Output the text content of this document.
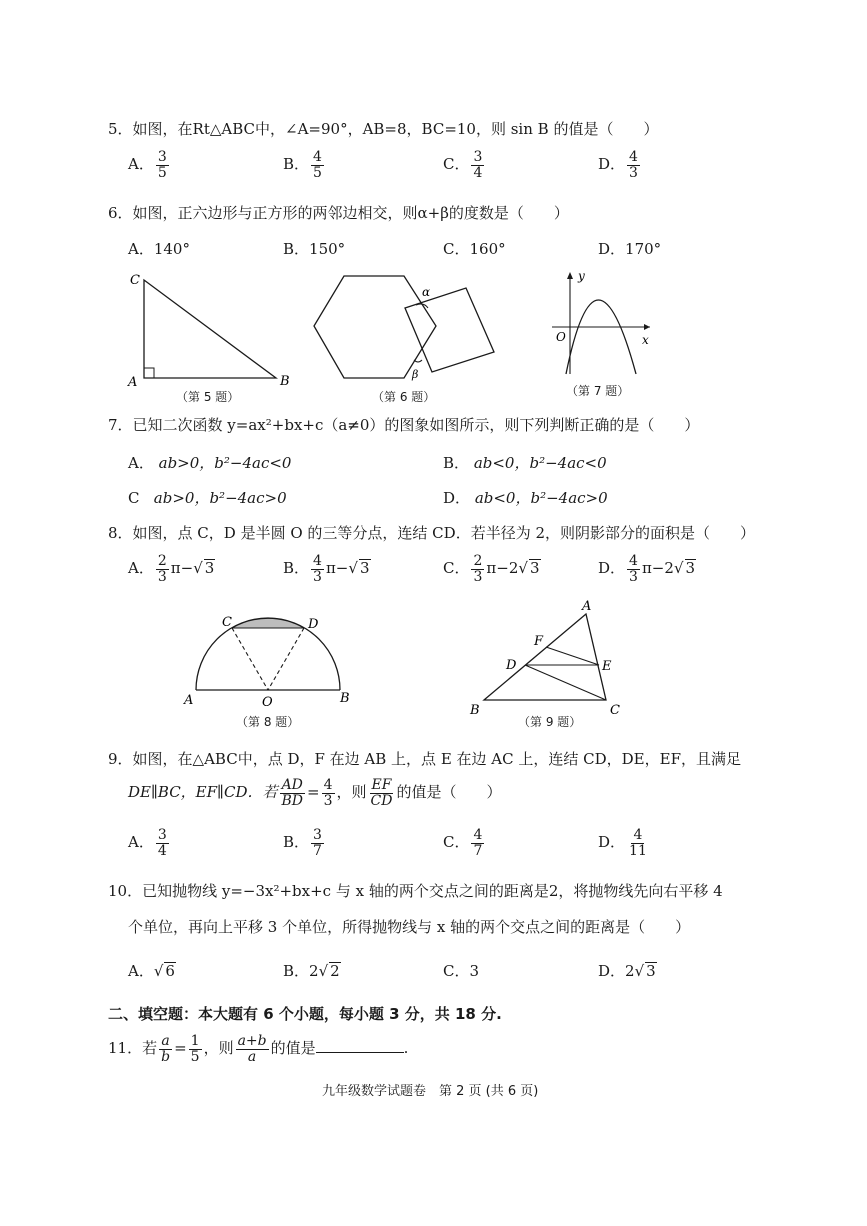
5．如图，在Rt△ABC中，∠A=90°，AB=8，BC=10，则 sin B 的值是（　　）
A． $\frac{3}{5}$	B． $\frac{4}{5}$	C． $\frac{3}{4}$	D． $\frac{4}{3}$
6．如图，正六边形与正方形的两邻边相交，则α+β的度数是（　　）
A．140°	B．150°	C．160°	D．170°
C
A	B
（第 5 题）
α
β
（第 6 题）
y
O	x
（第 7 题）
7．已知二次函数 y=ax²+bx+c（a≠0）的图象如图所示，则下列判断正确的是（　　）
A． ab>0，b²−4ac<0	B． ab<0，b²−4ac<0
C ab>0，b²−4ac>0	D． ab<0，b²−4ac>0
8．如图，点 C，D 是半圆 O 的三等分点，连结 CD．若半径为 2，则阴影部分的面积是（　　）
A． $\frac{2}{3} \pi-√$ 3	B． $\frac{4}{3} \pi-√$ 3	C． $\frac{2}{3} \pi-2√$ 3	D． $\frac{4}{3} \pi-2√$ 3
C	D
A	O	B
（第 8 题）
A
F
D	E
B	C
（第 9 题）
9．如图，在△ABC中，点 D，F 在边 AB 上，点 E 在边 AC 上，连结 CD，DE，EF，且满足
DE∥BC，EF∥CD．若 $\frac{AD}{BD} = \frac{4}{3}$ ，则 $\frac{EF}{CD}$ 的值是（　　）
A． $\frac{3}{4}$	B． $\frac{3}{7}$	C． $\frac{4}{7}$	D． $\frac{4}{11}$
10．已知抛物线 y=−3x²+bx+c 与 x 轴的两个交点之间的距离是2，将抛物线先向右平移 4
个单位，再向上平移 3 个单位，所得抛物线与 x 轴的两个交点之间的距离是（　　）
A．√ 6	B．2√ 2	C．3	D．2√ 3
二、填空题：本大题有 6 个小题，每小题 3 分，共 18 分.
11．若 $\frac{a}{b} = \frac{1}{5}$ ，则 $\frac{a+b}{a}$ 的值是	.
九年级数学试题卷　第 2 页 (共 6 页)
